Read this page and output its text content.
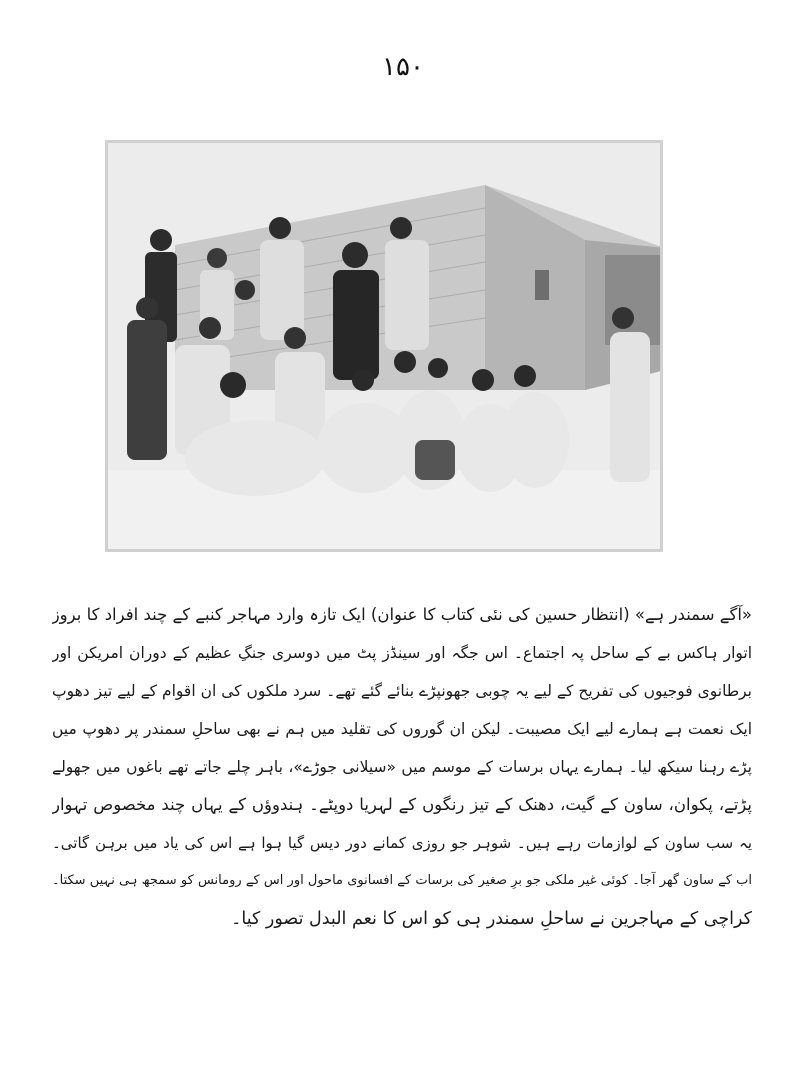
۱۵۰
«آگے سمندر ہے» (انتظار حسین کی نئی کتاب کا عنوان) ایک تازہ وارد مہاجر کنبے کے چند افراد کا بروز
اتوار ہاکس بے کے ساحل پہ اجتماع۔ اس جگہ اور سینڈز پٹ میں دوسری جنگِ عظیم کے دوران امریکن اور
برطانوی فوجیوں کی تفریح کے لیے یہ چوبی جھونپڑے بنائے گئے تھے۔ سرد ملکوں کی ان اقوام کے لیے تیز دھوپ
ایک نعمت ہے ہمارے لیے ایک مصیبت۔ لیکن ان گوروں کی تقلید میں ہم نے بھی ساحلِ سمندر پر دھوپ میں
پڑے رہنا سیکھ لیا۔ ہمارے یہاں برسات کے موسم میں «سیلانی جوڑے»، باہر چلے جاتے تھے باغوں میں جھولے
پڑتے، پکوان، ساون کے گیت، دھنک کے تیز رنگوں کے لہریا دوپٹے۔ ہندوؤں کے یہاں چند مخصوص تہوار
یہ سب ساون کے لوازمات رہے ہیں۔ شوہر جو روزی کمانے دور دیس گیا ہوا ہے اس کی یاد میں برہن گاتی۔
اب کے ساون گھر آجا۔ کوئی غیر ملکی جو برِ صغیر کی برسات کے افسانوی ماحول اور اس کے رومانس کو سمجھ ہی نہیں سکتا۔
کراچی کے مہاجرین نے ساحلِ سمندر ہی کو اس کا نعم البدل تصور کیا۔
